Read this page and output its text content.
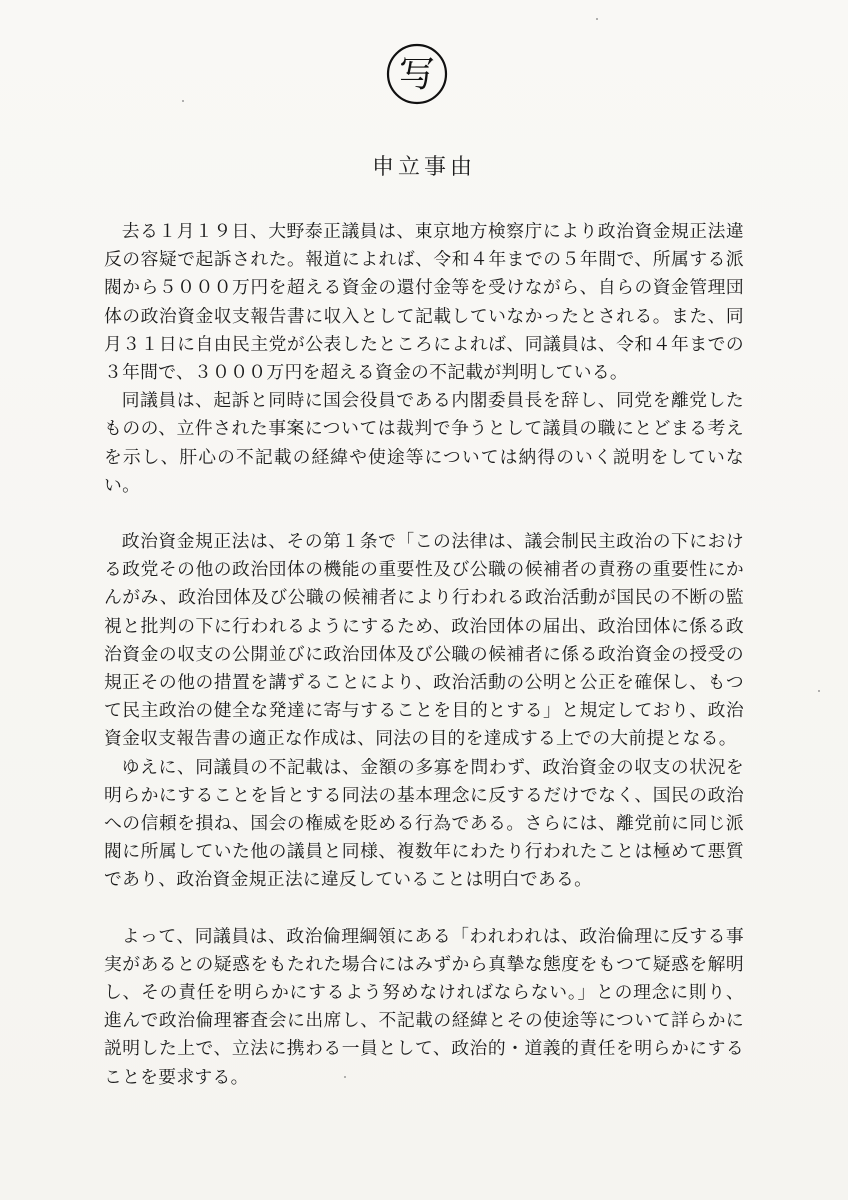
写
申立事由

去る１月１９日、大野泰正議員は、東京地方検察庁により政治資金規正法違反の容疑で起訴された。報道によれば、令和４年までの５年間で、所属する派閥から５０００万円を超える資金の還付金等を受けながら、自らの資金管理団体の政治資金収支報告書に収入として記載していなかったとされる。また、同月３１日に自由民主党が公表したところによれば、同議員は、令和４年までの３年間で、３０００万円を超える資金の不記載が判明している。

同議員は、起訴と同時に国会役員である内閣委員長を辞し、同党を離党したものの、立件された事案については裁判で争うとして議員の職にとどまる考えを示し、肝心の不記載の経緯や使途等については納得のいく説明をしていない。

政治資金規正法は、その第１条で「この法律は、議会制民主政治の下における政党その他の政治団体の機能の重要性及び公職の候補者の責務の重要性にかんがみ、政治団体及び公職の候補者により行われる政治活動が国民の不断の監視と批判の下に行われるようにするため、政治団体の届出、政治団体に係る政治資金の収支の公開並びに政治団体及び公職の候補者に係る政治資金の授受の規正その他の措置を講ずることにより、政治活動の公明と公正を確保し、もつて民主政治の健全な発達に寄与することを目的とする」と規定しており、政治資金収支報告書の適正な作成は、同法の目的を達成する上での大前提となる。

ゆえに、同議員の不記載は、金額の多寡を問わず、政治資金の収支の状況を明らかにすることを旨とする同法の基本理念に反するだけでなく、国民の政治への信頼を損ね、国会の権威を貶める行為である。さらには、離党前に同じ派閥に所属していた他の議員と同様、複数年にわたり行われたことは極めて悪質であり、政治資金規正法に違反していることは明白である。

よって、同議員は、政治倫理綱領にある「われわれは、政治倫理に反する事実があるとの疑惑をもたれた場合にはみずから真摯な態度をもつて疑惑を解明し、その責任を明らかにするよう努めなければならない。」との理念に則り、進んで政治倫理審査会に出席し、不記載の経緯とその使途等について詳らかに説明した上で、立法に携わる一員として、政治的・道義的責任を明らかにすることを要求する。
